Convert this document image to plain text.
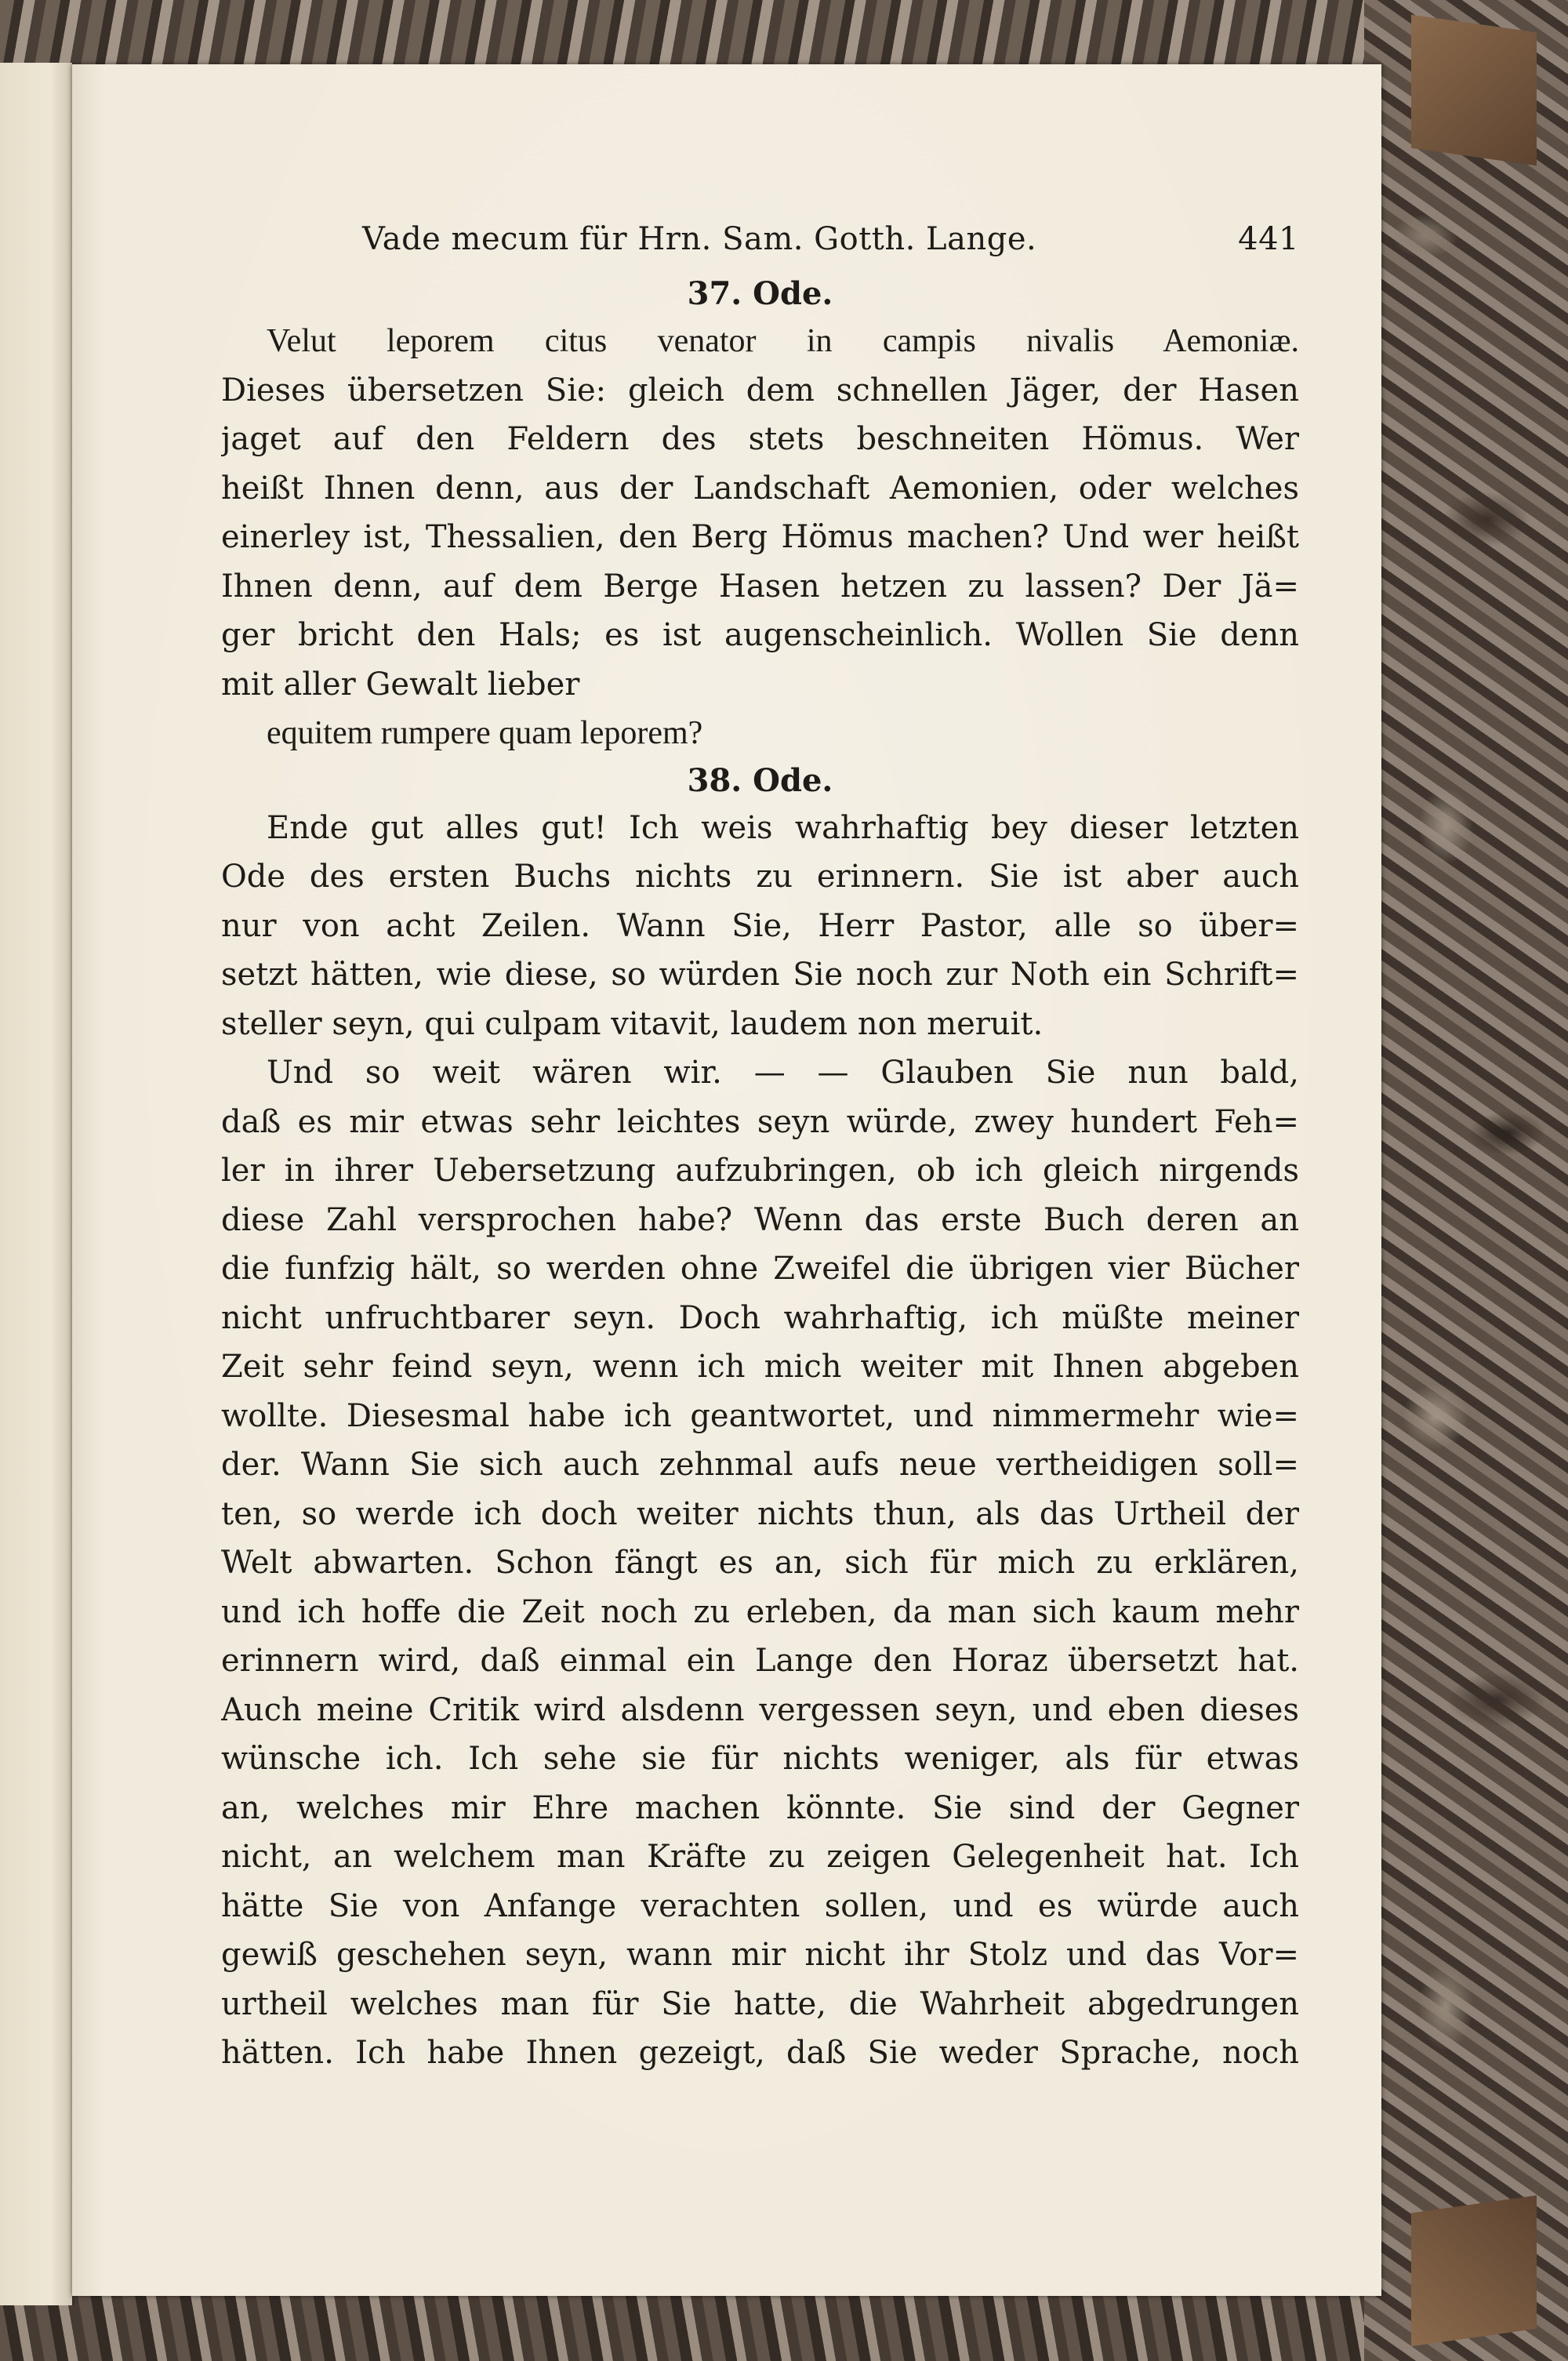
Vade mecum für Hrn. Sam. Gotth. Lange.	441
37. Ode.
Velut leporem citus venator in campis nivalis Aemoniæ.
Dieses übersetzen Sie: gleich dem schnellen Jäger, der Hasen
jaget auf den Feldern des stets beschneiten Hömus. Wer
heißt Ihnen denn, aus der Landschaft Aemonien, oder welches
einerley ist, Thessalien, den Berg Hömus machen? Und wer heißt
Ihnen denn, auf dem Berge Hasen hetzen zu lassen? Der Jä=
ger bricht den Hals; es ist augenscheinlich. Wollen Sie denn
mit aller Gewalt lieber
equitem rumpere quam leporem?
38. Ode.
Ende gut alles gut! Ich weis wahrhaftig bey dieser letzten
Ode des ersten Buchs nichts zu erinnern. Sie ist aber auch
nur von acht Zeilen. Wann Sie, Herr Pastor, alle so über=
setzt hätten, wie diese, so würden Sie noch zur Noth ein Schrift=
steller seyn, qui culpam vitavit, laudem non meruit.
Und so weit wären wir. — — Glauben Sie nun bald,
daß es mir etwas sehr leichtes seyn würde, zwey hundert Feh=
ler in ihrer Uebersetzung aufzubringen, ob ich gleich nirgends
diese Zahl versprochen habe? Wenn das erste Buch deren an
die funfzig hält, so werden ohne Zweifel die übrigen vier Bücher
nicht unfruchtbarer seyn. Doch wahrhaftig, ich müßte meiner
Zeit sehr feind seyn, wenn ich mich weiter mit Ihnen abgeben
wollte. Diesesmal habe ich geantwortet, und nimmermehr wie=
der. Wann Sie sich auch zehnmal aufs neue vertheidigen soll=
ten, so werde ich doch weiter nichts thun, als das Urtheil der
Welt abwarten. Schon fängt es an, sich für mich zu erklären,
und ich hoffe die Zeit noch zu erleben, da man sich kaum mehr
erinnern wird, daß einmal ein Lange den Horaz übersetzt hat.
Auch meine Critik wird alsdenn vergessen seyn, und eben dieses
wünsche ich. Ich sehe sie für nichts weniger, als für etwas
an, welches mir Ehre machen könnte. Sie sind der Gegner
nicht, an welchem man Kräfte zu zeigen Gelegenheit hat. Ich
hätte Sie von Anfange verachten sollen, und es würde auch
gewiß geschehen seyn, wann mir nicht ihr Stolz und das Vor=
urtheil welches man für Sie hatte, die Wahrheit abgedrungen
hätten. Ich habe Ihnen gezeigt, daß Sie weder Sprache, noch
